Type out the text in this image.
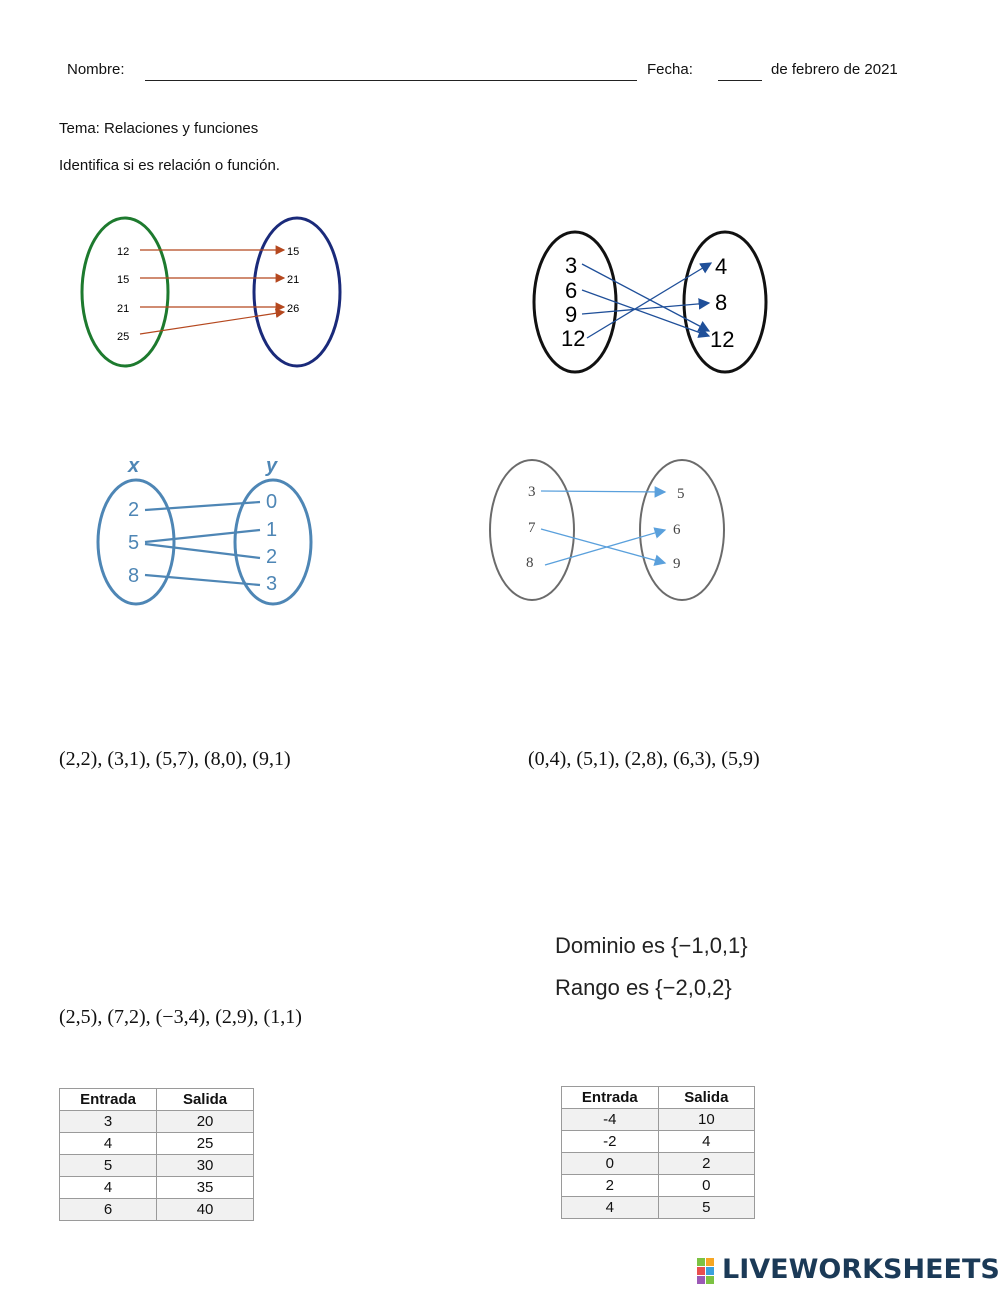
Nombre:	Fecha:	de febrero de 2021
Tema: Relaciones y funciones
Identifica si es relación o función.
12
15
21
25
15
21
26
3
6
9
12
4
8
12
x	y
2
5
8
0
1
2
3
3
7
8
5
6
9
(2,2), (3,1), (5,7), (8,0), (9,1)	(0,4), (5,1), (2,8), (6,3), (5,9)
Dominio es {−1,0,1}
Rango es {−2,0,2}
(2,5), (7,2), (−3,4), (2,9), (1,1)
Entrada	Salida
3	20
4	25
5	30
4	35
6	40
Entrada	Salida
-4	10
-2	4
0	2
2	0
4	5
LIVEWORKSHEETS
